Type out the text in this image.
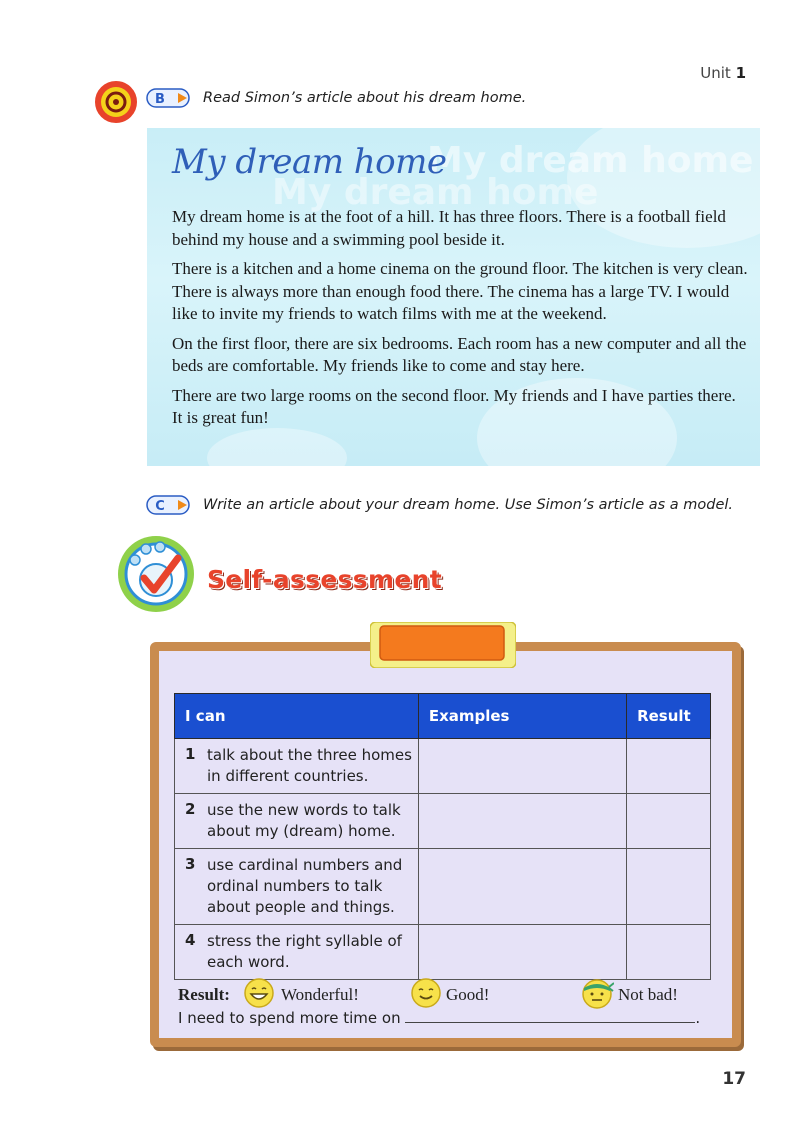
Unit 1
B	Read Simon’s article about his dream home.
My dream home
My dream home
My dream home

My dream home is at the foot of a hill. It has three floors. There is a football field behind my house and a swimming pool beside it.

There is a kitchen and a home cinema on the ground floor. The kitchen is very clean. There is always more than enough food there. The cinema has a large TV. I would like to invite my friends to watch films with me at the weekend.

On the first floor, there are six bedrooms. Each room has a new computer and all the beds are comfortable. My friends like to come and stay here.

There are two large rooms on the second floor. My friends and I have parties there. It is great fun!

C	Write an article about your dream home. Use Simon’s article as a model.
Self-assessment
I can	Examples	Result
1 talk about the three homes in different countries.		
2 use the new words to talk about my (dream) home.		
3 use cardinal numbers and ordinal numbers to talk about people and things.		
4 stress the right syllable of each word.		
Result:	Wonderful!	Good!	Not bad!
I need to spend more time on	.
17
